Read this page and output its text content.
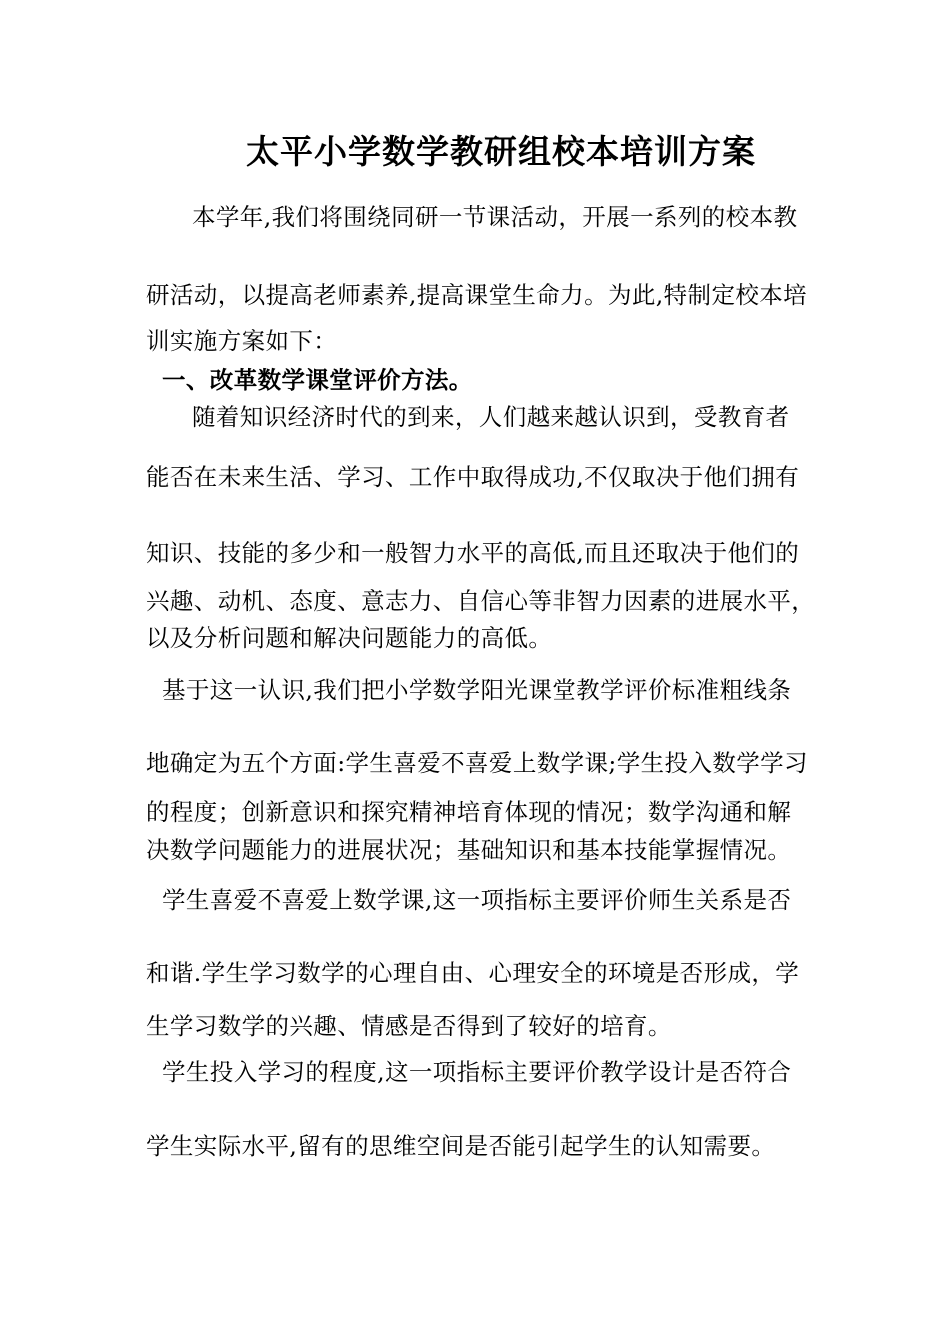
太平小学数学教研组校本培训方案

本学年,我们将围绕同研一节课活动，开展一系列的校本教

研活动，以提高老师素养,提高课堂生命力。为此,特制定校本培

训实施方案如下：

一、改革数学课堂评价方法。

随着知识经济时代的到来，人们越来越认识到，受教育者

能否在未来生活、学习、工作中取得成功,不仅取决于他们拥有

知识、技能的多少和一般智力水平的高低,而且还取决于他们的

兴趣、动机、态度、意志力、自信心等非智力因素的进展水平，

以及分析问题和解决问题能力的高低。

基于这一认识,我们把小学数学阳光课堂教学评价标准粗线条

地确定为五个方面:学生喜爱不喜爱上数学课;学生投入数学学习

的程度；创新意识和探究精神培育体现的情况；数学沟通和解

决数学问题能力的进展状况；基础知识和基本技能掌握情况。

学生喜爱不喜爱上数学课,这一项指标主要评价师生关系是否

和谐.学生学习数学的心理自由、心理安全的环境是否形成，学

生学习数学的兴趣、情感是否得到了较好的培育。

学生投入学习的程度,这一项指标主要评价教学设计是否符合

学生实际水平,留有的思维空间是否能引起学生的认知需要。
